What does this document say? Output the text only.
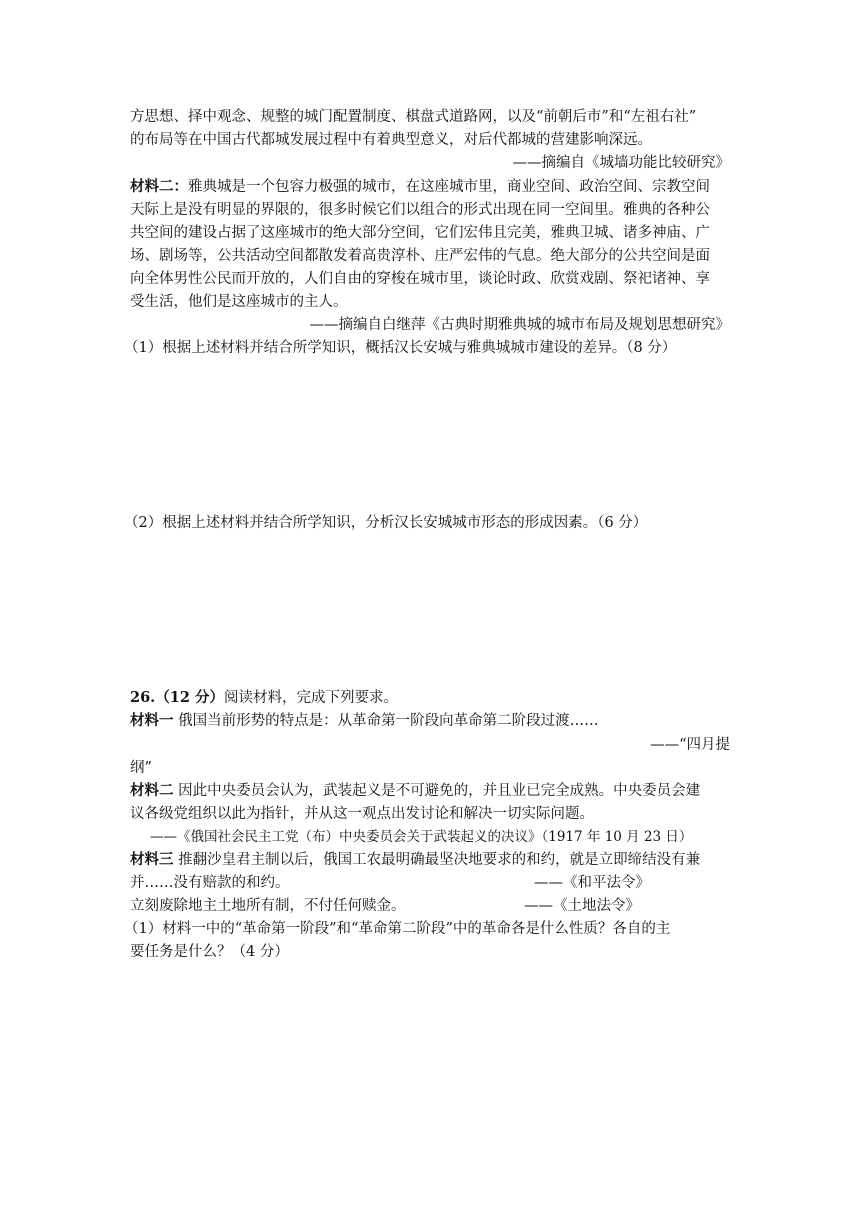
方思想、择中观念、规整的城门配置制度、棋盘式道路网，以及“前朝后市”和“左祖右社”
的布局等在中国古代都城发展过程中有着典型意义，对后代都城的营建影响深远。
——摘编自《城墙功能比较研究》
材料二：雅典城是一个包容力极强的城市，在这座城市里，商业空间、政治空间、宗教空间
天际上是没有明显的界限的，很多时候它们以组合的形式出现在同一空间里。雅典的各种公
共空间的建设占据了这座城市的绝大部分空间，它们宏伟且完美，雅典卫城、诸多神庙、广
场、剧场等，公共活动空间都散发着高贵淳朴、庄严宏伟的气息。绝大部分的公共空间是面
向全体男性公民而开放的，人们自由的穿梭在城市里，谈论时政、欣赏戏剧、祭祀诸神、享
受生活，他们是这座城市的主人。
——摘编自白继萍《古典时期雅典城的城市布局及规划思想研究》
（1）根据上述材料并结合所学知识，概括汉长安城与雅典城城市建设的差异。（8 分）
（2）根据上述材料并结合所学知识，分析汉长安城城市形态的形成因素。（6 分）
26.（12 分）阅读材料，完成下列要求。
材料一 俄国当前形势的特点是：从革命第一阶段向革命第二阶段过渡……
——“四月提
纲”
材料二 因此中央委员会认为，武装起义是不可避免的，并且业已完全成熟。中央委员会建
议各级党组织以此为指针，并从这一观点出发讨论和解决一切实际问题。
——《俄国社会民主工党（布）中央委员会关于武装起义的决议》（1917 年 10 月 23 日）
材料三 推翻沙皇君主制以后，俄国工农最明确最坚决地要求的和约，就是立即缔结没有兼
并……没有赔款的和约。	——《和平法令》
立刻废除地主土地所有制，不付任何赎金。	——《土地法令》
（1）材料一中的“革命第一阶段”和“革命第二阶段”中的革命各是什么性质？各自的主
要任务是什么？（4 分）
